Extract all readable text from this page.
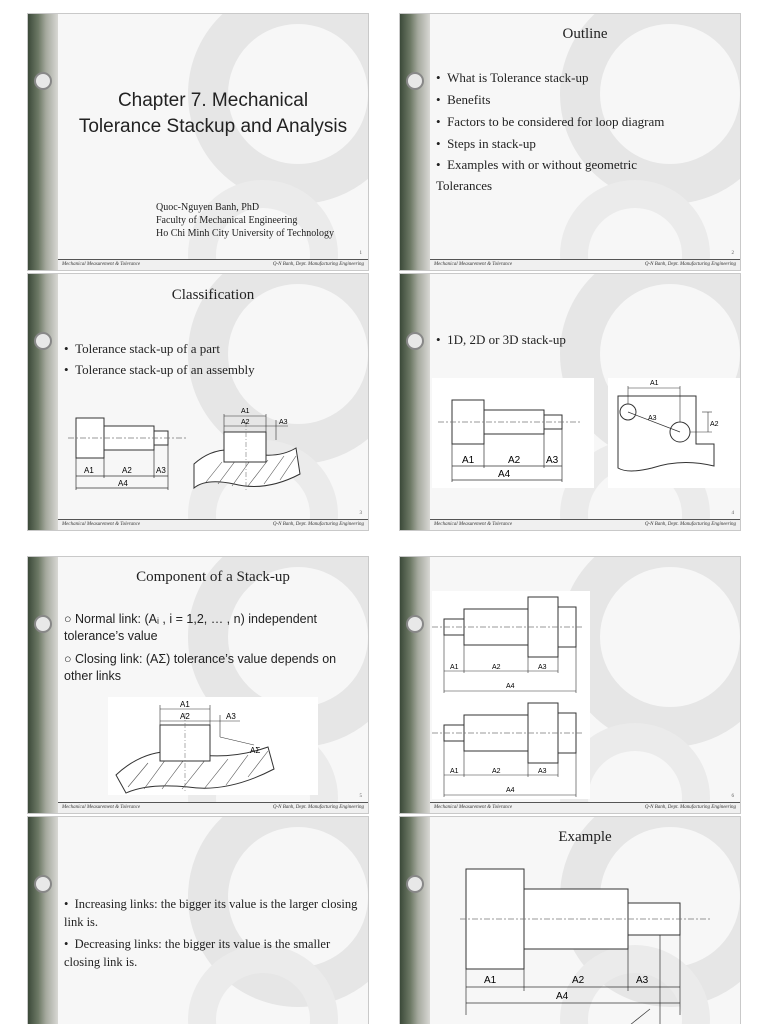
Chapter 7. Mechanical
Tolerance Stackup and Analysis
Quoc-Nguyen Banh, PhD
Faculty of Mechanical Engineering
Ho Chi Minh City University of Technology
1
Mechanical Measurement & Tolerance	Q-N Banh, Dept. Manufacturing Engineering
Outline
•  What is Tolerance stack-up
•  Benefits
•  Factors to be considered for loop diagram
•  Steps in stack-up
•  Examples with or without geometric
Tolerances
2
Mechanical Measurement & Tolerance	Q-N Banh, Dept. Manufacturing Engineering
Classification
•  Tolerance stack-up of a part
•  Tolerance stack-up of an assembly
A1	A2	A3
A4
A1
A2	A3
3
Mechanical Measurement & Tolerance	Q-N Banh, Dept. Manufacturing Engineering
•  1D, 2D or 3D stack-up
A1	A2	A3
A4
A1
A3
A2
4
Mechanical Measurement & Tolerance	Q-N Banh, Dept. Manufacturing Engineering
Component of a Stack-up
○ Normal link: (Aᵢ , i = 1,2, … , n) independent tolerance’s value
○ Closing link: (AΣ) tolerance’s value depends on other links
A1
A2	A3
AΣ
5
Mechanical Measurement & Tolerance	Q-N Banh, Dept. Manufacturing Engineering
A1	A2	A3
A4
A1	A2	A3
A4
6
Mechanical Measurement & Tolerance	Q-N Banh, Dept. Manufacturing Engineering
•  Increasing links: the bigger its value is the larger closing link is.
•  Decreasing links: the bigger its value is the smaller closing link is.
Example
A1	A2	A3
A4
